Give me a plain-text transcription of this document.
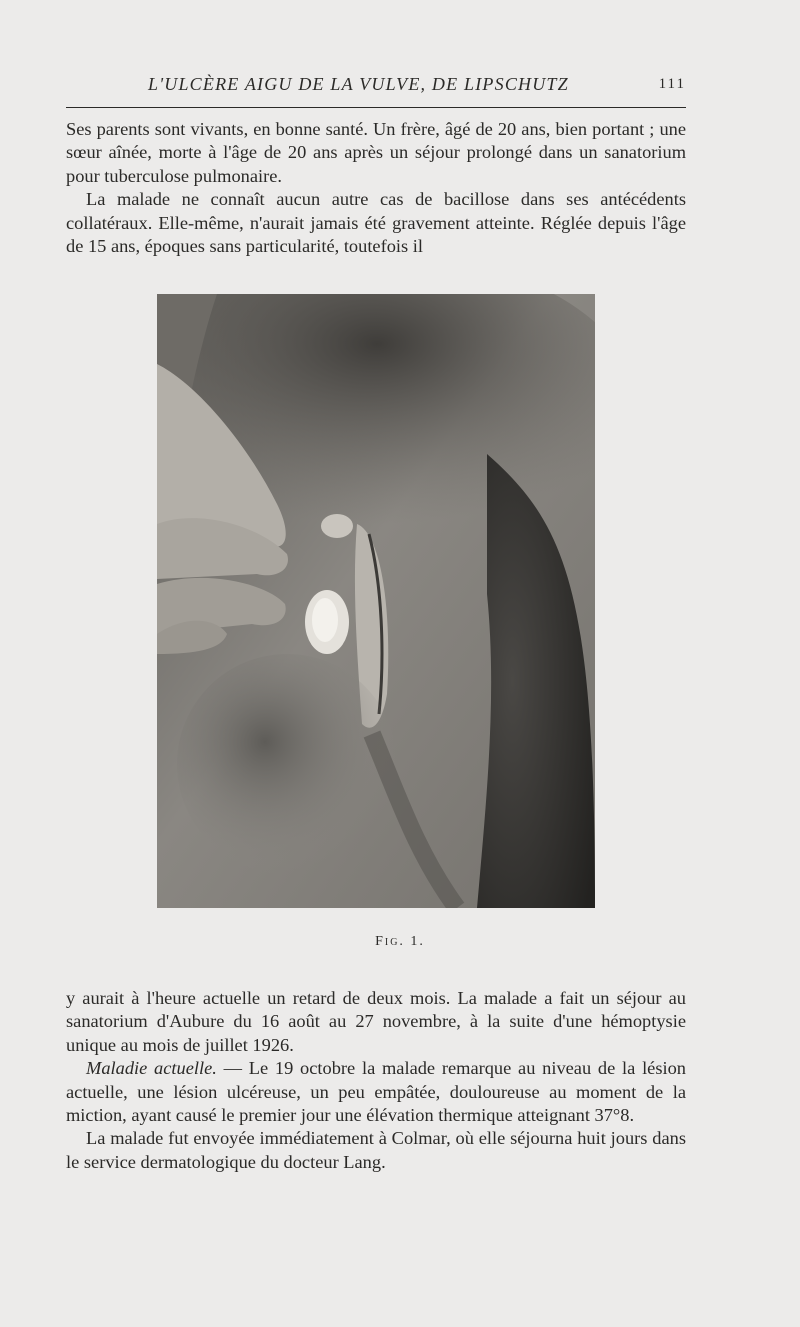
L'ULCÈRE AIGU DE LA VULVE, DE LIPSCHUTZ	111

Ses parents sont vivants, en bonne santé. Un frère, âgé de 20 ans, bien portant ; une sœur aînée, morte à l'âge de 20 ans après un séjour prolongé dans un sanatorium pour tuberculose pulmonaire.

La malade ne connaît aucun autre cas de bacillose dans ses antécédents collatéraux. Elle-même, n'aurait jamais été gravement atteinte. Réglée depuis l'âge de 15 ans, époques sans particularité, toutefois il

Fig. 1.

y aurait à l'heure actuelle un retard de deux mois. La malade a fait un séjour au sanatorium d'Aubure du 16 août au 27 novembre, à la suite d'une hémoptysie unique au mois de juillet 1926.

Maladie actuelle. — Le 19 octobre la malade remarque au niveau de la lésion actuelle, une lésion ulcéreuse, un peu empâtée, douloureuse au moment de la miction, ayant causé le premier jour une élévation thermique atteignant 37°8.

La malade fut envoyée immédiatement à Colmar, où elle séjourna huit jours dans le service dermatologique du docteur Lang.
